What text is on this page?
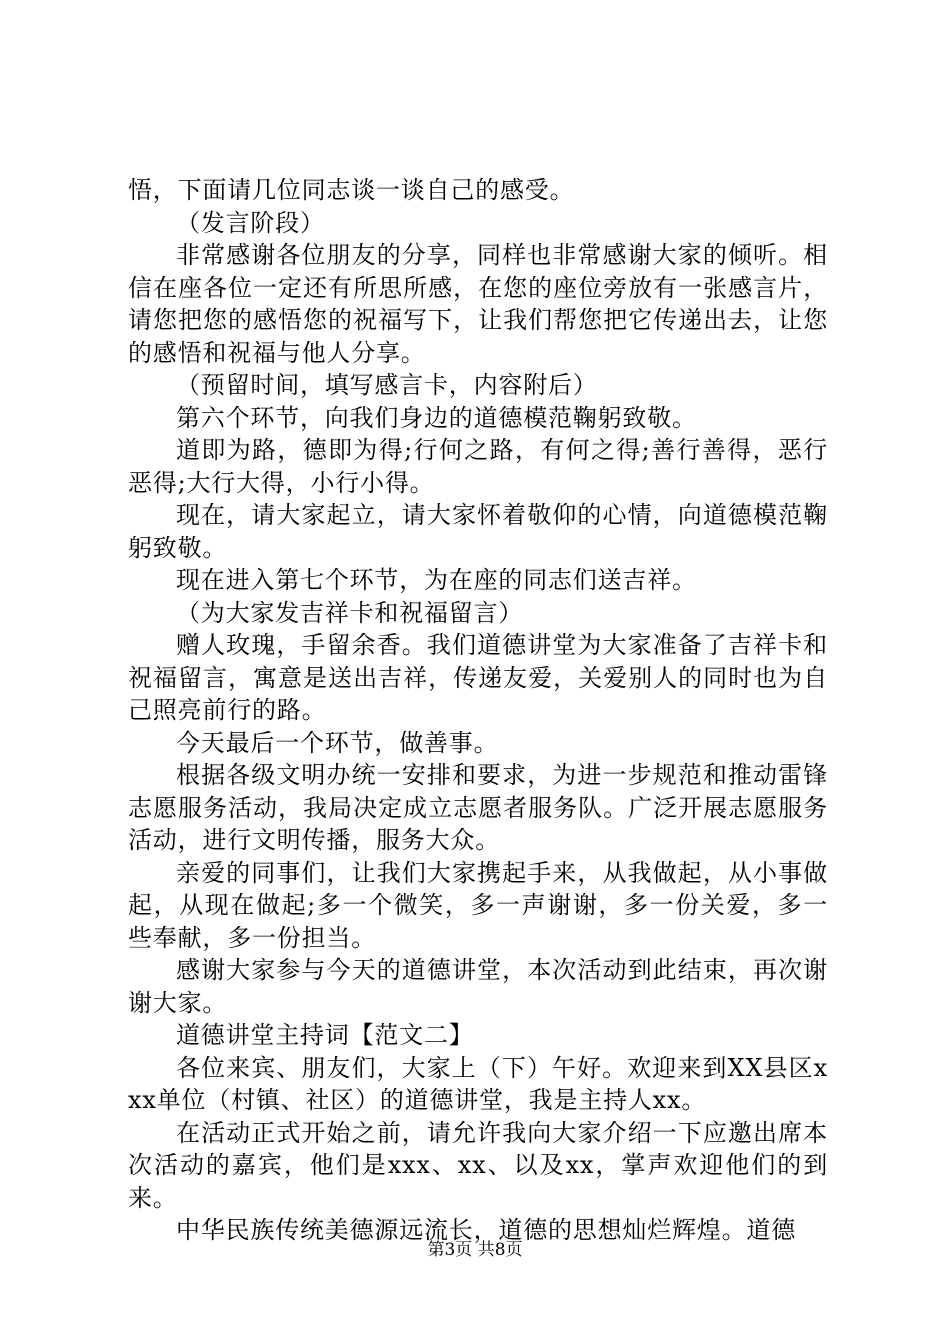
悟，下面请几位同志谈一谈自己的感受。

（发言阶段）

非常感谢各位朋友的分享，同样也非常感谢大家的倾听。相信在座各位一定还有所思所感，在您的座位旁放有一张感言片，请您把您的感悟您的祝福写下，让我们帮您把它传递出去，让您的感悟和祝福与他人分享。

（预留时间，填写感言卡，内容附后）

第六个环节，向我们身边的道德模范鞠躬致敬。

道即为路，德即为得;行何之路，有何之得;善行善得，恶行恶得;大行大得，小行小得。

现在，请大家起立，请大家怀着敬仰的心情，向道德模范鞠躬致敬。

现在进入第七个环节，为在座的同志们送吉祥。

（为大家发吉祥卡和祝福留言）

赠人玫瑰，手留余香。我们道德讲堂为大家准备了吉祥卡和祝福留言，寓意是送出吉祥，传递友爱，关爱别人的同时也为自己照亮前行的路。

今天最后一个环节，做善事。

根据各级文明办统一安排和要求，为进一步规范和推动雷锋志愿服务活动，我局决定成立志愿者服务队。广泛开展志愿服务活动，进行文明传播，服务大众。

亲爱的同事们，让我们大家携起手来，从我做起，从小事做起，从现在做起;多一个微笑，多一声谢谢，多一份关爱，多一些奉献，多一份担当。

感谢大家参与今天的道德讲堂，本次活动到此结束，再次谢谢大家。

道德讲堂主持词【范文二】

各位来宾、朋友们，大家上（下）午好。欢迎来到XX县区xxx单位（村镇、社区）的道德讲堂，我是主持人xx。

在活动正式开始之前，请允许我向大家介绍一下应邀出席本次活动的嘉宾，他们是xxx、xx、以及xx，掌声欢迎他们的到来。

中华民族传统美德源远流长，道德的思想灿烂辉煌。道德

第3页 共8页
